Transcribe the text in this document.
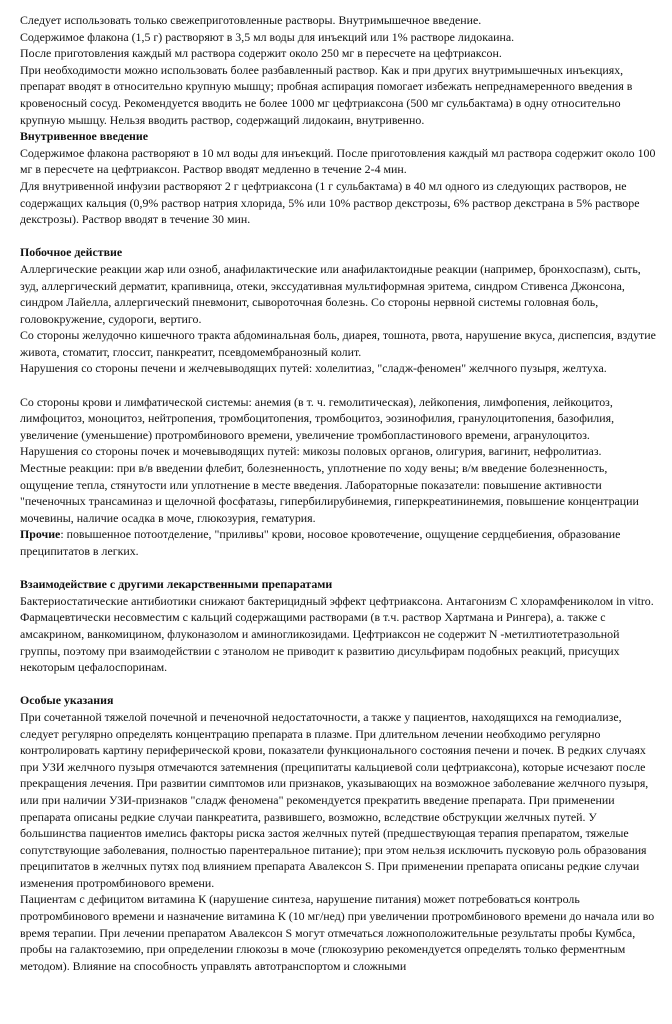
Следует использовать только свежеприготовленные растворы. Внутримышечное введение.

Содержимое флакона (1,5 г) растворяют в 3,5 мл воды для инъекций или 1% растворе лидокаина.

После приготовления каждый мл раствора содержит около 250 мг в пересчете на цефтриаксон.

При необходимости можно использовать более разбавленный раствор. Как и при других внутримышечных инъекциях, препарат вводят в относительно крупную мышцу; пробная аспирация помогает избежать непреднамеренного введения в кровеносный сосуд. Рекомендуется вводить не более 1000 мг цефтриаксона (500 мг сульбактама) в одну относительно крупную мышцу. Нельзя вводить раствор, содержащий лидокаин, внутривенно.

Внутривенное введение

Содержимое флакона растворяют в 10 мл воды для инъекций. После приготовления каждый мл раствора содержит около 100 мг в пересчете на цефтриаксон. Раствор вводят медленно в течение 2-4 мин.

Для внутривенной инфузии растворяют 2 г цефтриаксона (1 г сульбактама) в 40 мл одного из следующих растворов, не содержащих кальция (0,9% раствор натрия хлорида, 5% или 10% раствор декстрозы, 6% раствор декстрана в 5% растворе декстрозы). Раствор вводят в течение 30 мин.

Побочное действие

Аллергические реакции жар или озноб, анафилактические или анафилактоидные реакции (например, бронхоспазм), сыть, зуд, аллергический дерматит, крапивница, отеки, экссудативная мультиформная эритема, синдром Стивенса Джонсона, синдром Лайелла, аллергический пневмонит, сывороточная болезнь. Со стороны нервной системы головная боль, головокружение, судороги, вертиго.

Со стороны желудочно кишечного тракта абдоминальная боль, диарея, тошнота, рвота, нарушение вкуса, диспепсия, вздутие живота, стоматит, глоссит, панкреатит, псевдомембранозный колит.

Нарушения со стороны печени и желчевыводящих путей: холелитиаз, "сладж-феномен" желчного пузыря, желтуха.

Со стороны крови и лимфатической системы: анемия (в т. ч. гемолитическая), лейкопения, лимфопения, лейкоцитоз, лимфоцитоз, моноцитоз, нейтропения, тромбоцитопения, тромбоцитоз, эозинофилия, гранулоцитопения, базофилия, увеличение (уменьшение) протромбинового времени, увеличение тромбопластинового времени, агранулоцитоз.

Нарушения со стороны почек и мочевыводящих путей: микозы половых органов, олигурия, вагинит, нефролитиаз.

Местные реакции: при в/в введении флебит, болезненность, уплотнение по ходу вены; в/м введение болезненность, ощущение тепла, стянутости или уплотнение в месте введения. Лабораторные показатели: повышение активности "печеночных трансаминаз и щелочной фосфатазы, гипербилирубинемия, гиперкреатининемия, повышение концентрации мочевины, наличие осадка в моче, глюкозурия, гематурия.

Прочие: повышенное потоотделение, "приливы" крови, носовое кровотечение, ощущение сердцебиения, образование преципитатов в легких.

Взаимодействие с другими лекарственными препаратами

Бактериостатические антибиотики снижают бактерицидный эффект цефтриаксона. Антагонизм С хлорамфениколом in vitro. Фармацевтически несовместим с кальций содержащими растворами (в т.ч. раствор Хартмана и Рингера), а. также с амсакрином, ванкомицином, флуконазолом и аминогликозидами. Цефтриаксон не содержит N -метилтиотетразольной группы, поэтому при взаимодействии с этанолом не приводит к развитию дисульфирам подобных реакций, присущих некоторым цефалоспоринам.

Особые указания

При сочетанной тяжелой почечной и печеночной недостаточности, а также у пациентов, находящихся на гемодиализе, следует регулярно определять концентрацию препарата в плазме. При длительном лечении необходимо регулярно контролировать картину периферической крови, показатели функционального состояния печени и почек. В редких случаях при УЗИ желчного пузыря отмечаются затемнения (преципитаты кальциевой соли цефтриаксона), которые исчезают после прекращения лечения. При развитии симптомов или признаков, указывающих на возможное заболевание желчного пузыря, или при наличии УЗИ-признаков "сладж феномена" рекомендуется прекратить введение препарата. При применении препарата описаны редкие случаи панкреатита, развившего, возможно, вследствие обструкции желчных путей. У большинства пациентов имелись факторы риска застоя желчных путей (предшествующая терапия препаратом, тяжелые сопутствующие заболевания, полностью парентеральное питание); при этом нельзя исключить пусковую роль образования преципитатов в желчных путях под влиянием препарата Авалексон S. При применении препарата описаны редкие случаи изменения протромбинового времени.

Пациентам с дефицитом витамина К (нарушение синтеза, нарушение питания) может потребоваться контроль протромбинового времени и назначение витамина К (10 мг/нед) при увеличении протромбинового времени до начала или во время терапии. При лечении препаратом Авалексон S могут отмечаться ложноположительные результаты пробы Кумбса, пробы на галактоземию, при определении глюкозы в моче (глюкозурию рекомендуется определять только ферментным методом). Влияние на способность управлять автотранспортом и сложными
